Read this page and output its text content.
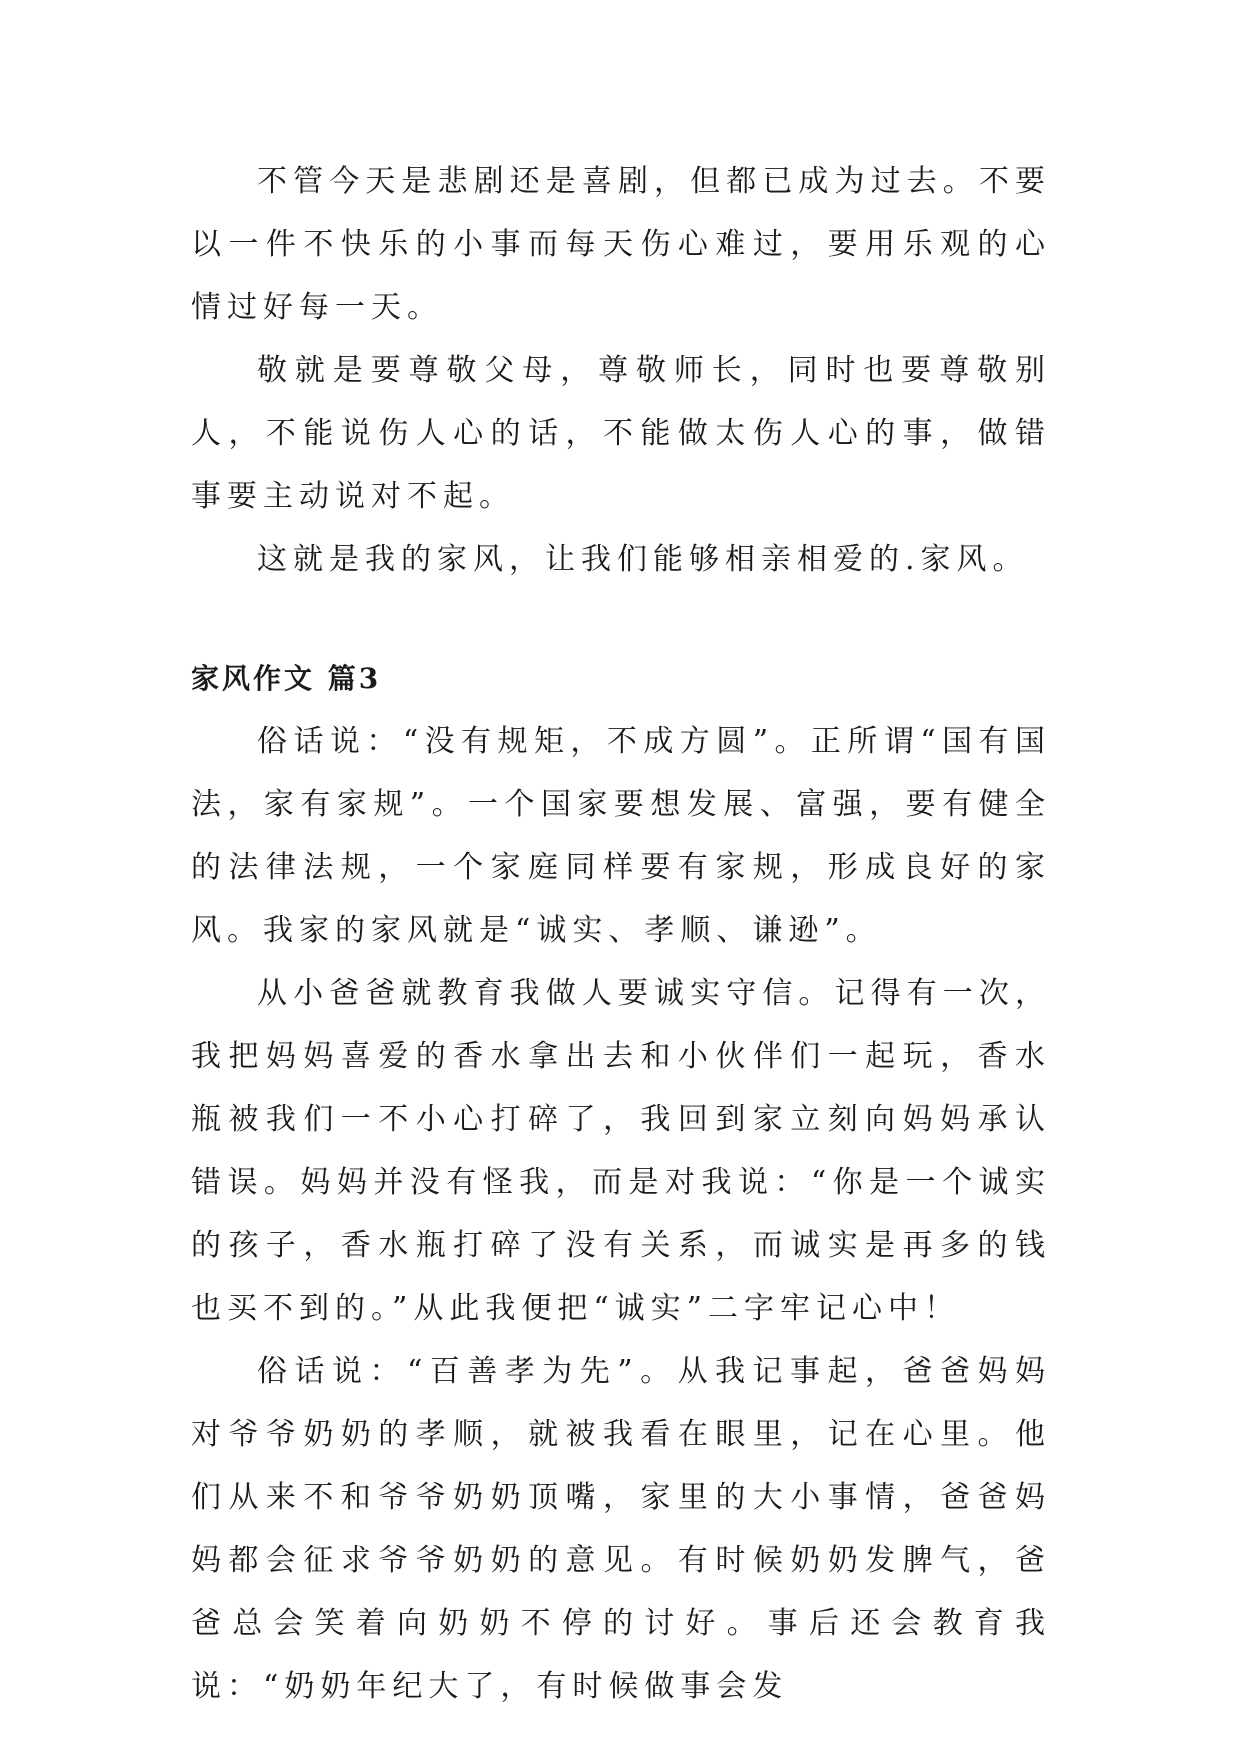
不管今天是悲剧还是喜剧，但都已成为过去。不要以一件不快乐的小事而每天伤心难过，要用乐观的心情过好每一天。

敬就是要尊敬父母，尊敬师长，同时也要尊敬别人，不能说伤人心的话，不能做太伤人心的事，做错事要主动说对不起。

这就是我的家风，让我们能够相亲相爱的.家风。

家风作文 篇3

俗话说：“没有规矩，不成方圆”。正所谓“国有国法，家有家规”。一个国家要想发展、富强，要有健全的法律法规，一个家庭同样要有家规，形成良好的家风。我家的家风就是“诚实、孝顺、谦逊”。

从小爸爸就教育我做人要诚实守信。记得有一次，我把妈妈喜爱的香水拿出去和小伙伴们一起玩，香水瓶被我们一不小心打碎了，我回到家立刻向妈妈承认错误。妈妈并没有怪我，而是对我说：“你是一个诚实的孩子，香水瓶打碎了没有关系，而诚实是再多的钱也买不到的。”从此我便把“诚实”二字牢记心中！

俗话说：“百善孝为先”。从我记事起，爸爸妈妈对爷爷奶奶的孝顺，就被我看在眼里，记在心里。他们从来不和爷爷奶奶顶嘴，家里的大小事情，爸爸妈妈都会征求爷爷奶奶的意见。有时候奶奶发脾气，爸爸总会笑着向奶奶不停的讨好。事后还会教育我说：“奶奶年纪大了，有时候做事会发
